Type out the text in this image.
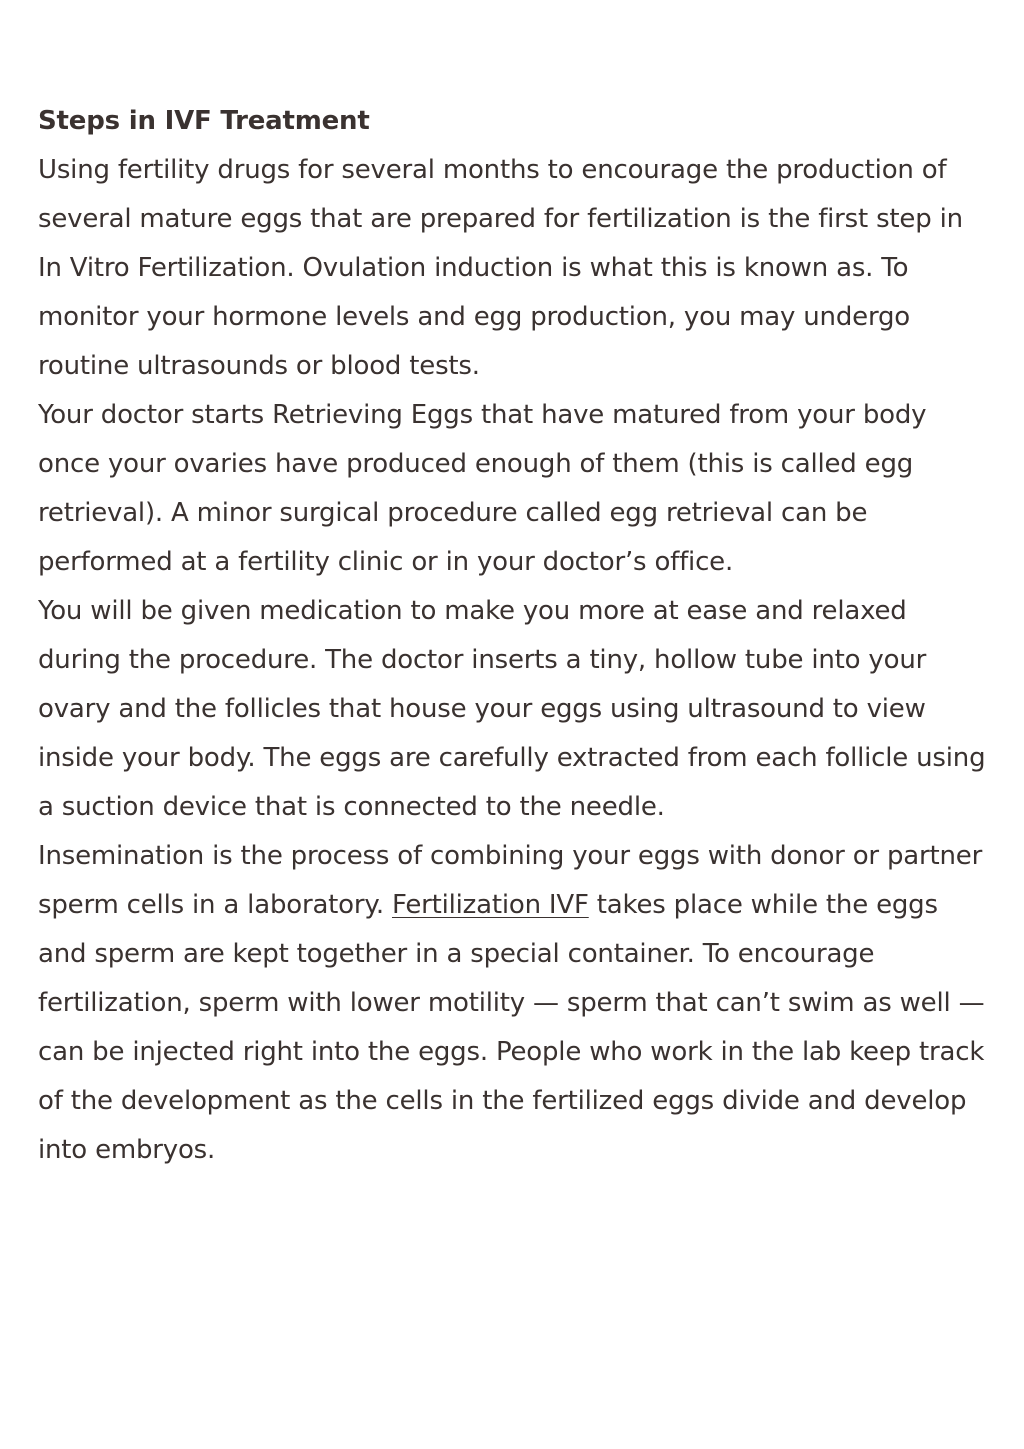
Steps in IVF Treatment

Using fertility drugs for several months to encourage the production of several mature eggs that are prepared for fertilization is the first step in In Vitro Fertilization. Ovulation induction is what this is known as. To monitor your hormone levels and egg production, you may undergo routine ultrasounds or blood tests.

Your doctor starts Retrieving Eggs that have matured from your body once your ovaries have produced enough of them (this is called egg retrieval). A minor surgical procedure called egg retrieval can be performed at a fertility clinic or in your doctor’s office.

You will be given medication to make you more at ease and relaxed during the procedure. The doctor inserts a tiny, hollow tube into your ovary and the follicles that house your eggs using ultrasound to view inside your body. The eggs are carefully extracted from each follicle using a suction device that is connected to the needle.

Insemination is the process of combining your eggs with donor or partner sperm cells in a laboratory. Fertilization IVF takes place while the eggs and sperm are kept together in a special container. To encourage fertilization, sperm with lower motility — sperm that can’t swim as well — can be injected right into the eggs. People who work in the lab keep track of the development as the cells in the fertilized eggs divide and develop into embryos.
